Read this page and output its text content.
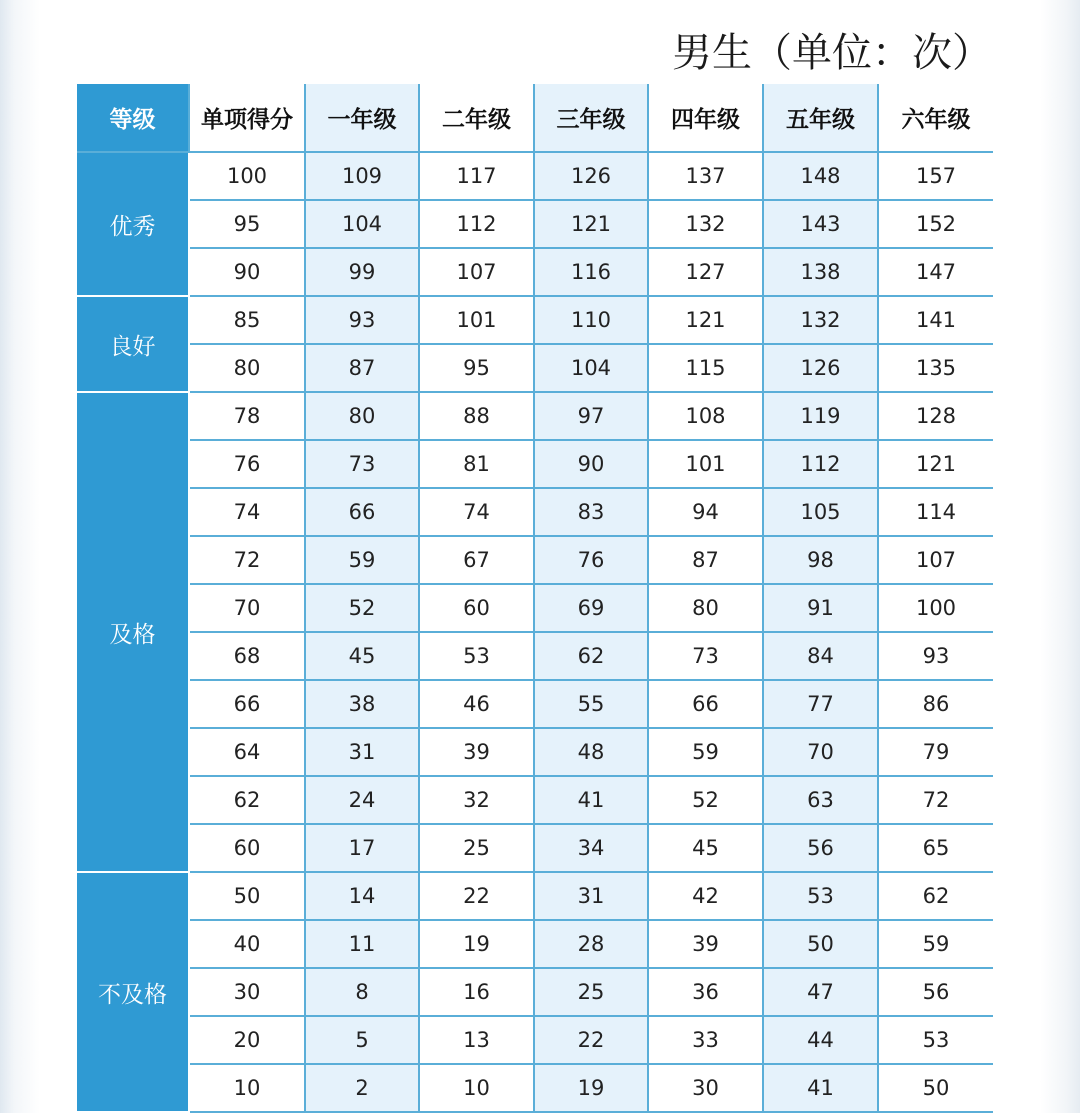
男生（单位：次）
等级	单项得分	一年级	二年级	三年级	四年级	五年级	六年级
优秀	100	109	117	126	137	148	157
	95	104	112	121	132	143	152
	90	99	107	116	127	138	147
良好	85	93	101	110	121	132	141
	80	87	95	104	115	126	135
及格	78	80	88	97	108	119	128
	76	73	81	90	101	112	121
	74	66	74	83	94	105	114
	72	59	67	76	87	98	107
	70	52	60	69	80	91	100
	68	45	53	62	73	84	93
	66	38	46	55	66	77	86
	64	31	39	48	59	70	79
	62	24	32	41	52	63	72
	60	17	25	34	45	56	65
不及格	50	14	22	31	42	53	62
	40	11	19	28	39	50	59
	30	8	16	25	36	47	56
	20	5	13	22	33	44	53
	10	2	10	19	30	41	50
